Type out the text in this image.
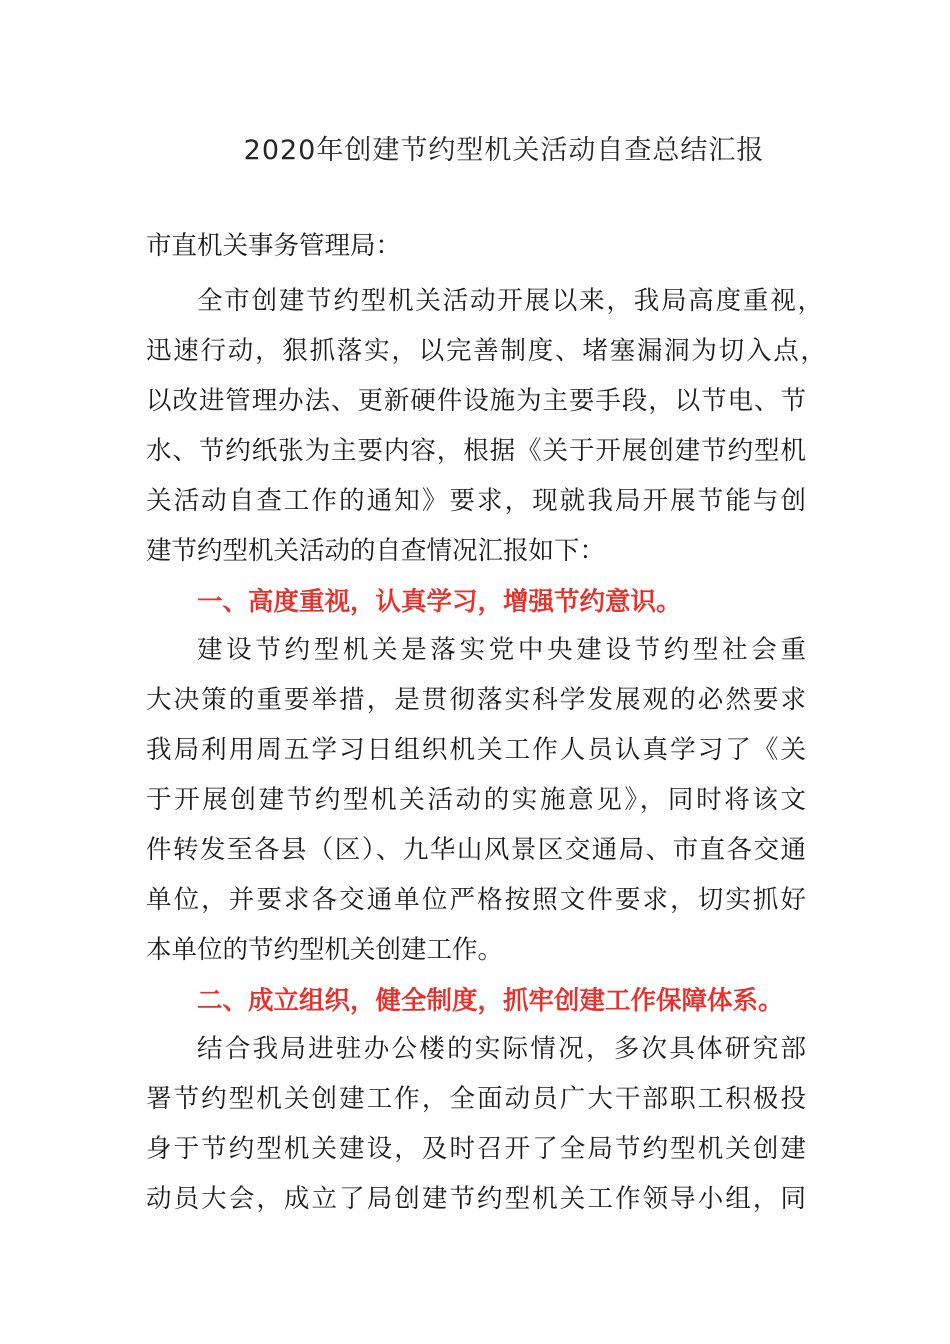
2020年创建节约型机关活动自查总结汇报
市直机关事务管理局：
全市创建节约型机关活动开展以来，我局高度重视，
迅速行动，狠抓落实，以完善制度、堵塞漏洞为切入点，
以改进管理办法、更新硬件设施为主要手段，以节电、节
水、节约纸张为主要内容，根据《关于开展创建节约型机
关活动自查工作的通知》要求，现就我局开展节能与创
建节约型机关活动的自查情况汇报如下：
一、高度重视，认真学习，增强节约意识。
建设节约型机关是落实党中央建设节约型社会重
大决策的重要举措，是贯彻落实科学发展观的必然要求
我局利用周五学习日组织机关工作人员认真学习了《关
于开展创建节约型机关活动的实施意见》，同时将该文
件转发至各县（区）、九华山风景区交通局、市直各交通
单位，并要求各交通单位严格按照文件要求，切实抓好
本单位的节约型机关创建工作。
二、成立组织，健全制度，抓牢创建工作保障体系。
结合我局进驻办公楼的实际情况，多次具体研究部
署节约型机关创建工作，全面动员广大干部职工积极投
身于节约型机关建设，及时召开了全局节约型机关创建
动员大会，成立了局创建节约型机关工作领导小组，同
